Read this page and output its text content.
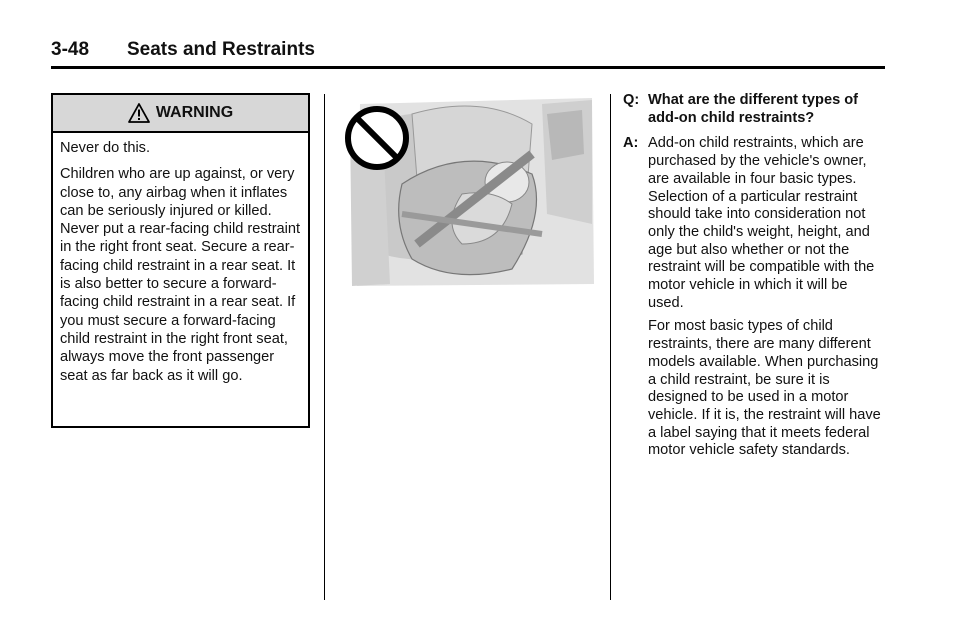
3-48 Seats and Restraints
WARNING

Never do this.

Children who are up against, or very close to, any airbag when it inflates can be seriously injured or killed. Never put a rear-facing child restraint in the right front seat. Secure a rear-facing child restraint in a rear seat. It is also better to secure a forward-facing child restraint in a rear seat. If you must secure a forward-facing child restraint in the right front seat, always move the front passenger seat as far back as it will go.

Q: What are the different types of add-on child restraints?
A: Add-on child restraints, which are purchased by the vehicle's owner, are available in four basic types. Selection of a particular restraint should take into consideration not only the child's weight, height, and age but also whether or not the restraint will be compatible with the motor vehicle in which it will be used.

For most basic types of child restraints, there are many different models available. When purchasing a child restraint, be sure it is designed to be used in a motor vehicle. If it is, the restraint will have a label saying that it meets federal motor vehicle safety standards.
